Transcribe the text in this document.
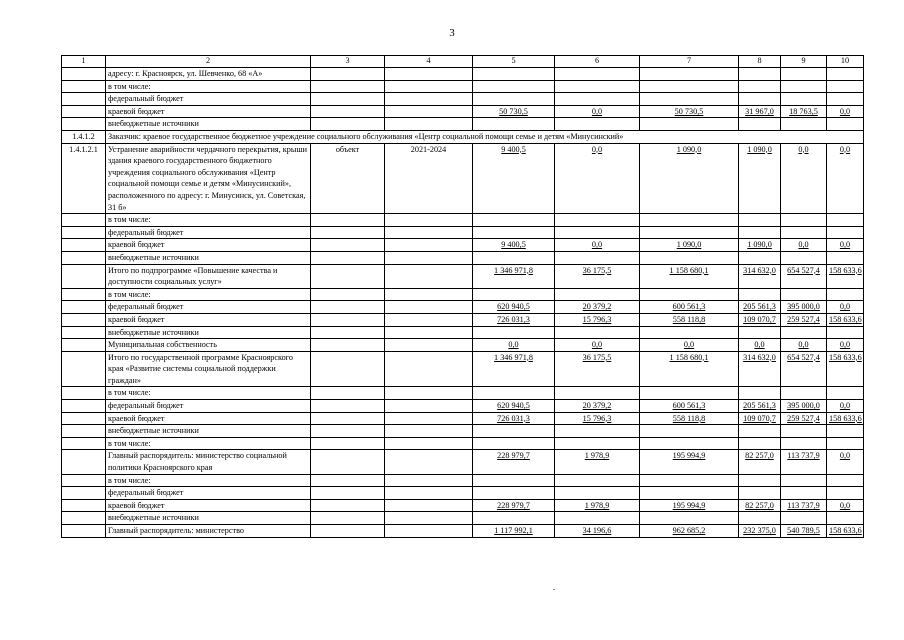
3
1	2	3	4	5	6	7	8	9	10
	адресу: г. Красноярск, ул. Шевченко, 68 «А»								
	в том числе:								
	федеральный бюджет								
	краевой бюджет			50 730,5	0,0	50 730,5	31 967,0	18 763,5	0,0
	внебюджетные источники								
1.4.1.2	Заказчик: краевое государственное бюджетное учреждение социального обслуживания «Центр социальной помощи семье и детям «Минусинский»								
1.4.1.2.1	Устранение аварийности чердачного перекрытия, крыши здания краевого государственного бюджетного учреждения социального обслуживания «Центр социальной помощи семье и детям «Минусинский», расположенного по адресу: г. Минусинск, ул. Советская, 31 б»	объект	2021-2024	9 400,5	0,0	1 090,0	1 090,0	0,0	0,0
	в том числе:								
	федеральный бюджет								
	краевой бюджет			9 400,5	0,0	1 090,0	1 090,0	0,0	0,0
	внебюджетные источники								
	Итого по подпрограмме «Повышение качества и доступности социальных услуг»			1 346 971,8	36 175,5	1 158 680,1	314 632,0	654 527,4	158 633,6
	в том числе:								
	федеральный бюджет			620 940,5	20 379,2	600 561,3	205 561,3	395 000,0	0,0
	краевой бюджет			726 031,3	15 796,3	558 118,8	109 070,7	259 527,4	158 633,6
	внебюджетные источники								
	Муниципальная собственность			0,0	0,0	0,0	0,0	0,0	0,0
	Итого по государственной программе Красноярского края «Развитие системы социальной поддержки граждан»			1 346 971,8	36 175,5	1 158 680,1	314 632,0	654 527,4	158 633,6
	в том числе:								
	федеральный бюджет			620 940,5	20 379,2	600 561,3	205 561,3	395 000,0	0,0
	краевой бюджет			726 031,3	15 796,3	558 118,8	109 070,7	259 527,4	158 633,6
	внебюджетные источники								
	в том числе:								
	Главный распорядитель: министерство социальной политики Красноярского края			228 979,7	1 978,9	195 994,9	82 257,0	113 737,9	0,0
	в том числе:								
	федеральный бюджет								
	краевой бюджет			228 979,7	1 978,9	195 994,9	82 257,0	113 737,9	0,0
	внебюджетные источники								
	Главный распорядитель: министерство			1 117 992,1	34 196,6	962 685,2	232 375,0	540 789,5	158 633,6
